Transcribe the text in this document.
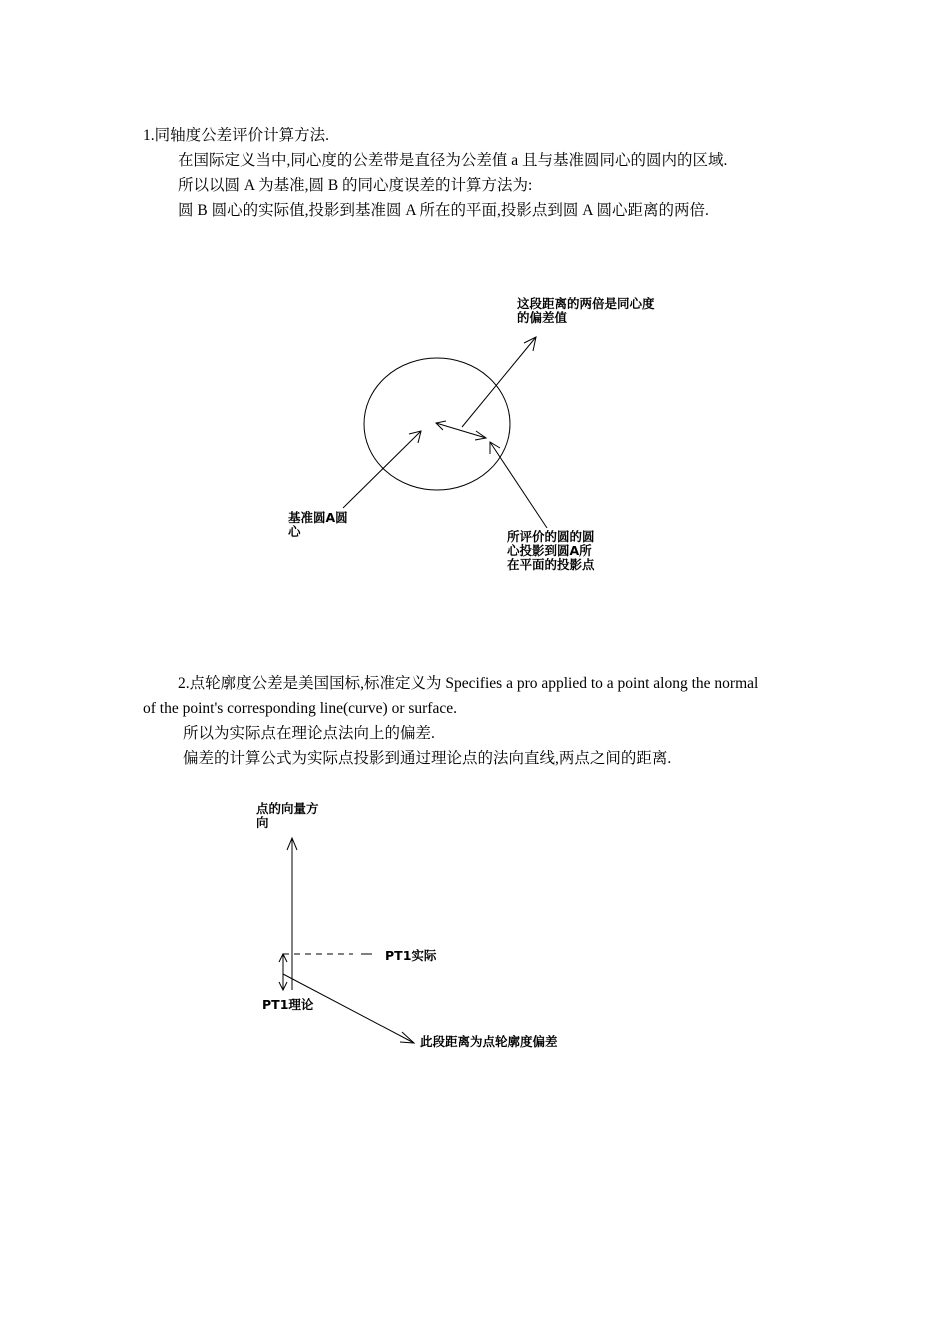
1.同轴度公差评价计算方法.
在国际定义当中,同心度的公差带是直径为公差值 a 且与基准圆同心的圆内的区域.
所以以圆 A 为基准,圆 B 的同心度误差的计算方法为:
圆 B 圆心的实际值,投影到基准圆 A 所在的平面,投影点到圆 A 圆心距离的两倍.
2.点轮廓度公差是美国国标,标准定义为 Specifies a pro applied to a point along the normal
of the point's corresponding line(curve) or surface.
所以为实际点在理论点法向上的偏差.
偏差的计算公式为实际点投影到通过理论点的法向直线,两点之间的距离.
这段距离的两倍是同心度
的偏差值
基准圆A圆
心	所评价的圆的圆
心投影到圆A所
在平面的投影点
点的向量方
向
PT1实际
PT1理论
此段距离为点轮廓度偏差
